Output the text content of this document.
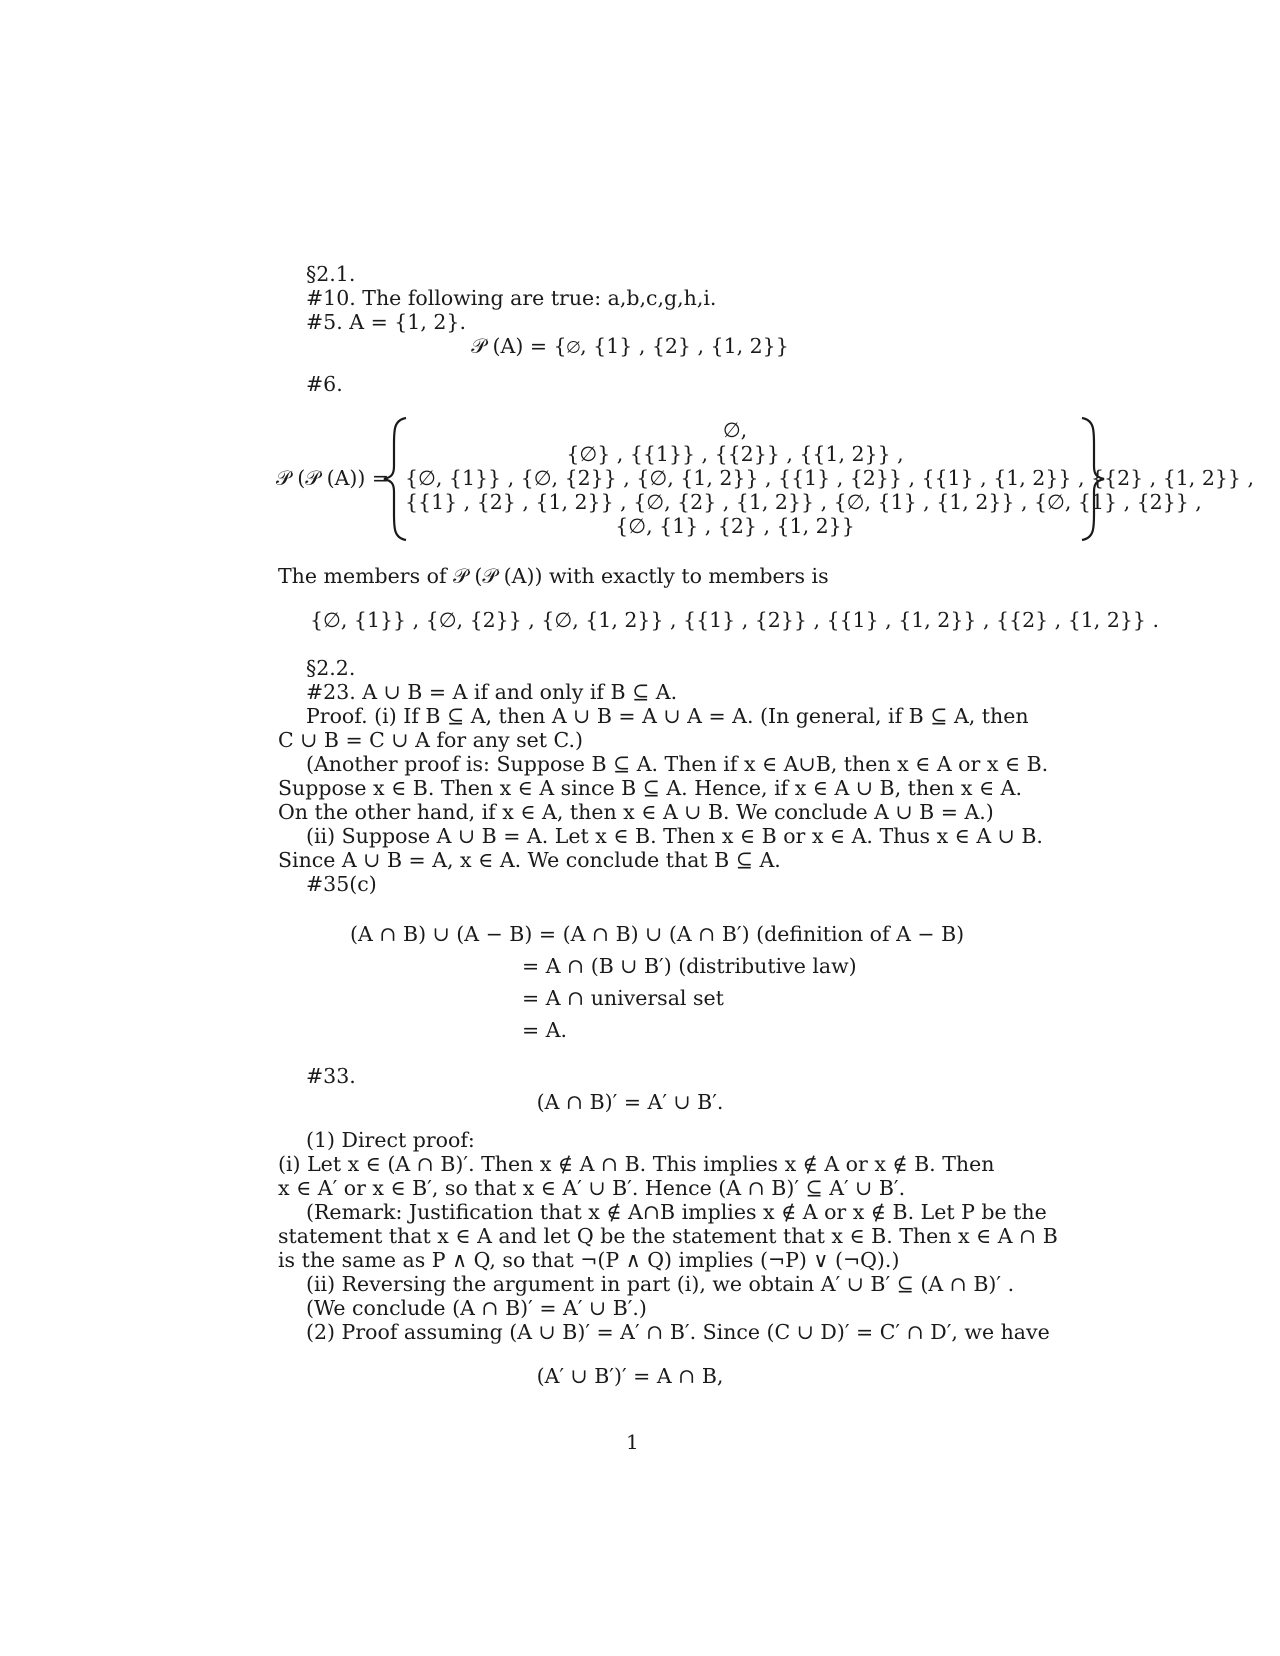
§2.1.
#10. The following are true: a,b,c,g,h,i.
#5. A = {1, 2}.
𝒫 (A) = {∅, {1} , {2} , {1, 2}}
#6.
𝒫 (𝒫 (A)) =
∅,
{∅} , {{1}} , {{2}} , {{1, 2}} ,
{∅, {1}} , {∅, {2}} , {∅, {1, 2}} , {{1} , {2}} , {{1} , {1, 2}} , {{2} , {1, 2}} ,
{{1} , {2} , {1, 2}} , {∅, {2} , {1, 2}} , {∅, {1} , {1, 2}} , {∅, {1} , {2}} ,
{∅, {1} , {2} , {1, 2}}
The members of 𝒫 (𝒫 (A)) with exactly to members is
{∅, {1}} , {∅, {2}} , {∅, {1, 2}} , {{1} , {2}} , {{1} , {1, 2}} , {{2} , {1, 2}} .
§2.2.
#23. A ∪ B = A if and only if B ⊆ A.
Proof. (i) If B ⊆ A, then A ∪ B = A ∪ A = A. (In general, if B ⊆ A, then
C ∪ B = C ∪ A for any set C.)
(Another proof is: Suppose B ⊆ A. Then if x ∈ A∪B, then x ∈ A or x ∈ B.
Suppose x ∈ B. Then x ∈ A since B ⊆ A. Hence, if x ∈ A ∪ B, then x ∈ A.
On the other hand, if x ∈ A, then x ∈ A ∪ B. We conclude A ∪ B = A.)
(ii) Suppose A ∪ B = A. Let x ∈ B. Then x ∈ B or x ∈ A. Thus x ∈ A ∪ B.
Since A ∪ B = A, x ∈ A. We conclude that B ⊆ A.
#35(c)
(A ∩ B) ∪ (A − B) = (A ∩ B) ∪ (A ∩ B′) (definition of A − B)
= A ∩ (B ∪ B′) (distributive law)
= A ∩ universal set
= A.
#33.
(A ∩ B)′ = A′ ∪ B′.
(1) Direct proof:
(i) Let x ∈ (A ∩ B)′. Then x ∉ A ∩ B. This implies x ∉ A or x ∉ B. Then
x ∈ A′ or x ∈ B′, so that x ∈ A′ ∪ B′. Hence (A ∩ B)′ ⊆ A′ ∪ B′.
(Remark: Justification that x ∉ A∩B implies x ∉ A or x ∉ B. Let P be the
statement that x ∈ A and let Q be the statement that x ∈ B. Then x ∈ A ∩ B
is the same as P ∧ Q, so that ¬(P ∧ Q) implies (¬P) ∨ (¬Q).)
(ii) Reversing the argument in part (i), we obtain A′ ∪ B′ ⊆ (A ∩ B)′ .
(We conclude (A ∩ B)′ = A′ ∪ B′.)
(2) Proof assuming (A ∪ B)′ = A′ ∩ B′. Since (C ∪ D)′ = C′ ∩ D′, we have
(A′ ∪ B′)′ = A ∩ B,
1
